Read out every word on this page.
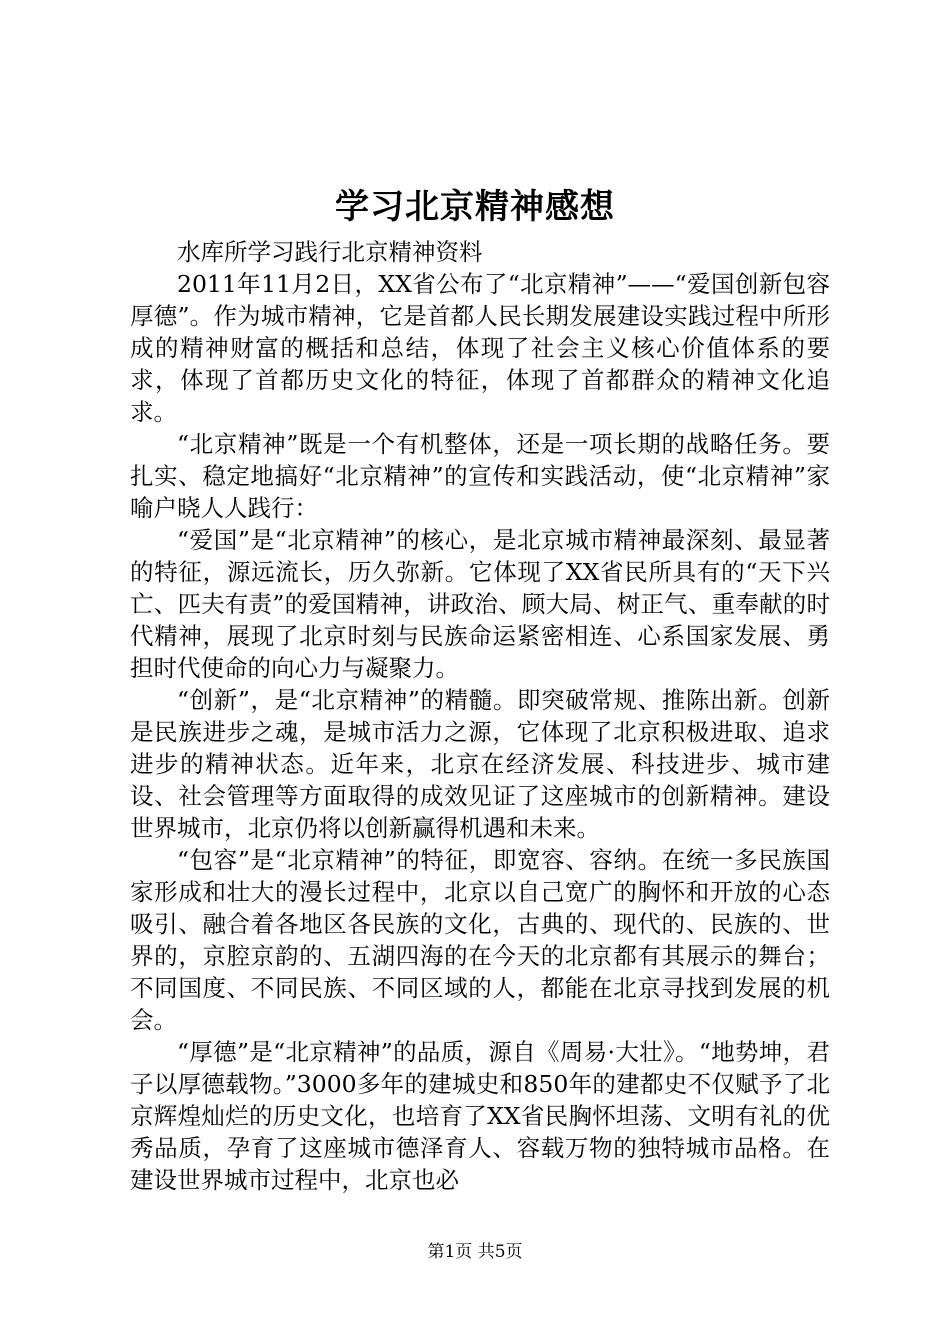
学习北京精神感想

水库所学习践行北京精神资料

2011年11月2日，XX省公布了“北京精神”——“爱国创新包容厚德”。作为城市精神，它是首都人民长期发展建设实践过程中所形成的精神财富的概括和总结，体现了社会主义核心价值体系的要求，体现了首都历史文化的特征，体现了首都群众的精神文化追求。

“北京精神”既是一个有机整体，还是一项长期的战略任务。要扎实、稳定地搞好“北京精神”的宣传和实践活动，使“北京精神”家喻户晓人人践行：

“爱国”是“北京精神”的核心，是北京城市精神最深刻、最显著的特征，源远流长，历久弥新。它体现了XX省民所具有的“天下兴亡、匹夫有责”的爱国精神，讲政治、顾大局、树正气、重奉献的时代精神，展现了北京时刻与民族命运紧密相连、心系国家发展、勇担时代使命的向心力与凝聚力。

“创新”，是“北京精神”的精髓。即突破常规、推陈出新。创新是民族进步之魂，是城市活力之源，它体现了北京积极进取、追求进步的精神状态。近年来，北京在经济发展、科技进步、城市建设、社会管理等方面取得的成效见证了这座城市的创新精神。建设世界城市，北京仍将以创新赢得机遇和未来。

“包容”是“北京精神”的特征，即宽容、容纳。在统一多民族国家形成和壮大的漫长过程中，北京以自己宽广的胸怀和开放的心态吸引、融合着各地区各民族的文化，古典的、现代的、民族的、世界的，京腔京韵的、五湖四海的在今天的北京都有其展示的舞台；不同国度、不同民族、不同区域的人，都能在北京寻找到发展的机会。

“厚德”是“北京精神”的品质，源自《周易·大壮》。“地势坤，君子以厚德载物。”3000多年的建城史和850年的建都史不仅赋予了北京辉煌灿烂的历史文化，也培育了XX省民胸怀坦荡、文明有礼的优秀品质，孕育了这座城市德泽育人、容载万物的独特城市品格。在建设世界城市过程中，北京也必

第1页 共5页
